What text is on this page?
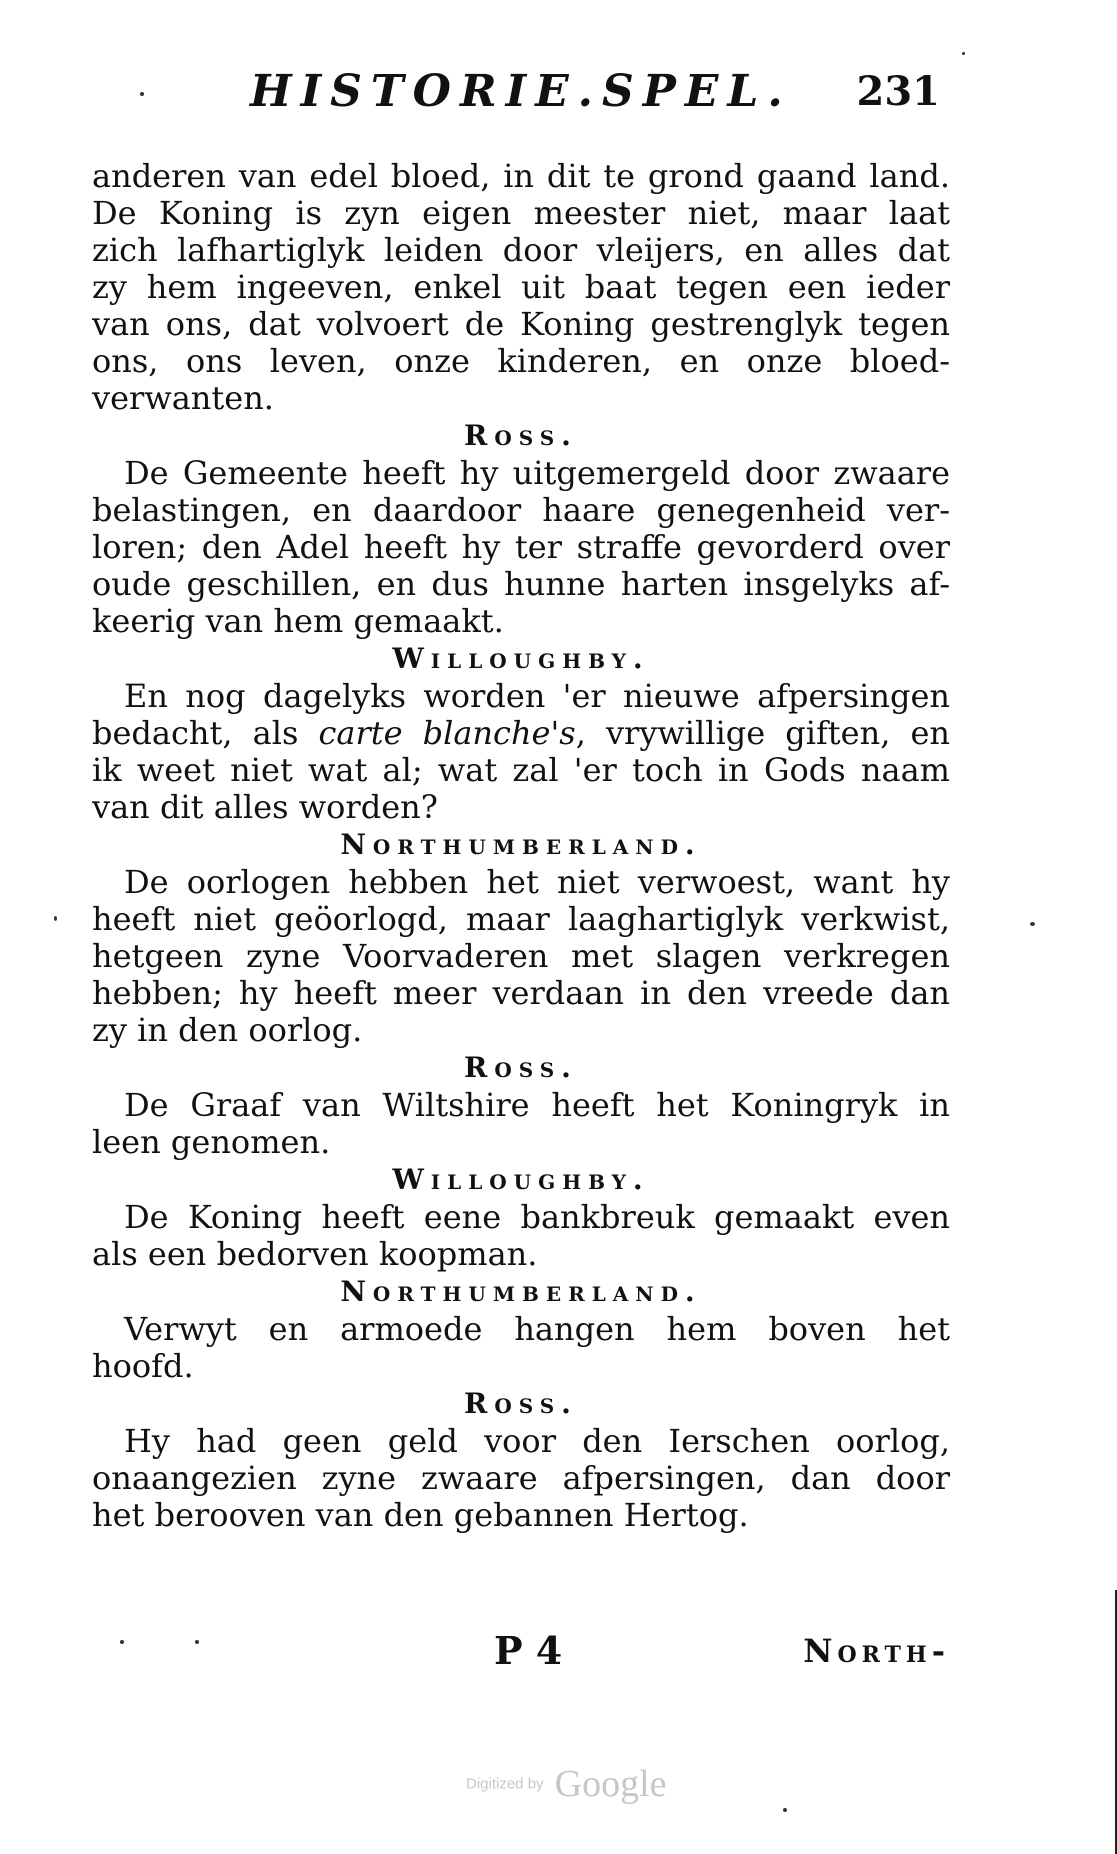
HISTORIE.SPEL. 231

anderen van edel bloed, in dit te grond gaand land.
De Koning is zyn eigen meester niet, maar laat
zich lafhartiglyk leiden door vleijers, en alles dat
zy hem ingeeven, enkel uit baat tegen een ieder
van ons, dat volvoert de Koning gestrenglyk tegen
ons, ons leven, onze kinderen, en onze bloed-
verwanten.

Ross.

De Gemeente heeft hy uitgemergeld door zwaare
belastingen, en daardoor haare genegenheid ver-
loren; den Adel heeft hy ter straffe gevorderd over
oude geschillen, en dus hunne harten insgelyks af-
keerig van hem gemaakt.

Willoughby.

En nog dagelyks worden 'er nieuwe afpersingen
bedacht, als carte blanche's, vrywillige giften, en
ik weet niet wat al; wat zal 'er toch in Gods naam
van dit alles worden?

Northumberland.

De oorlogen hebben het niet verwoest, want hy
heeft niet geöorlogd, maar laaghartiglyk verkwist,
hetgeen zyne Voorvaderen met slagen verkregen
hebben; hy heeft meer verdaan in den vreede dan
zy in den oorlog.

Ross.

De Graaf van Wiltshire heeft het Koningryk in
leen genomen.

Willoughby.

De Koning heeft eene bankbreuk gemaakt even
als een bedorven koopman.

Northumberland.

Verwyt en armoede hangen hem boven het
hoofd.

Ross.

Hy had geen geld voor den Ierschen oorlog,
onaangezien zyne zwaare afpersingen, dan door
het berooven van den gebannen Hertog.

P 4	North-
Digitized by Google
